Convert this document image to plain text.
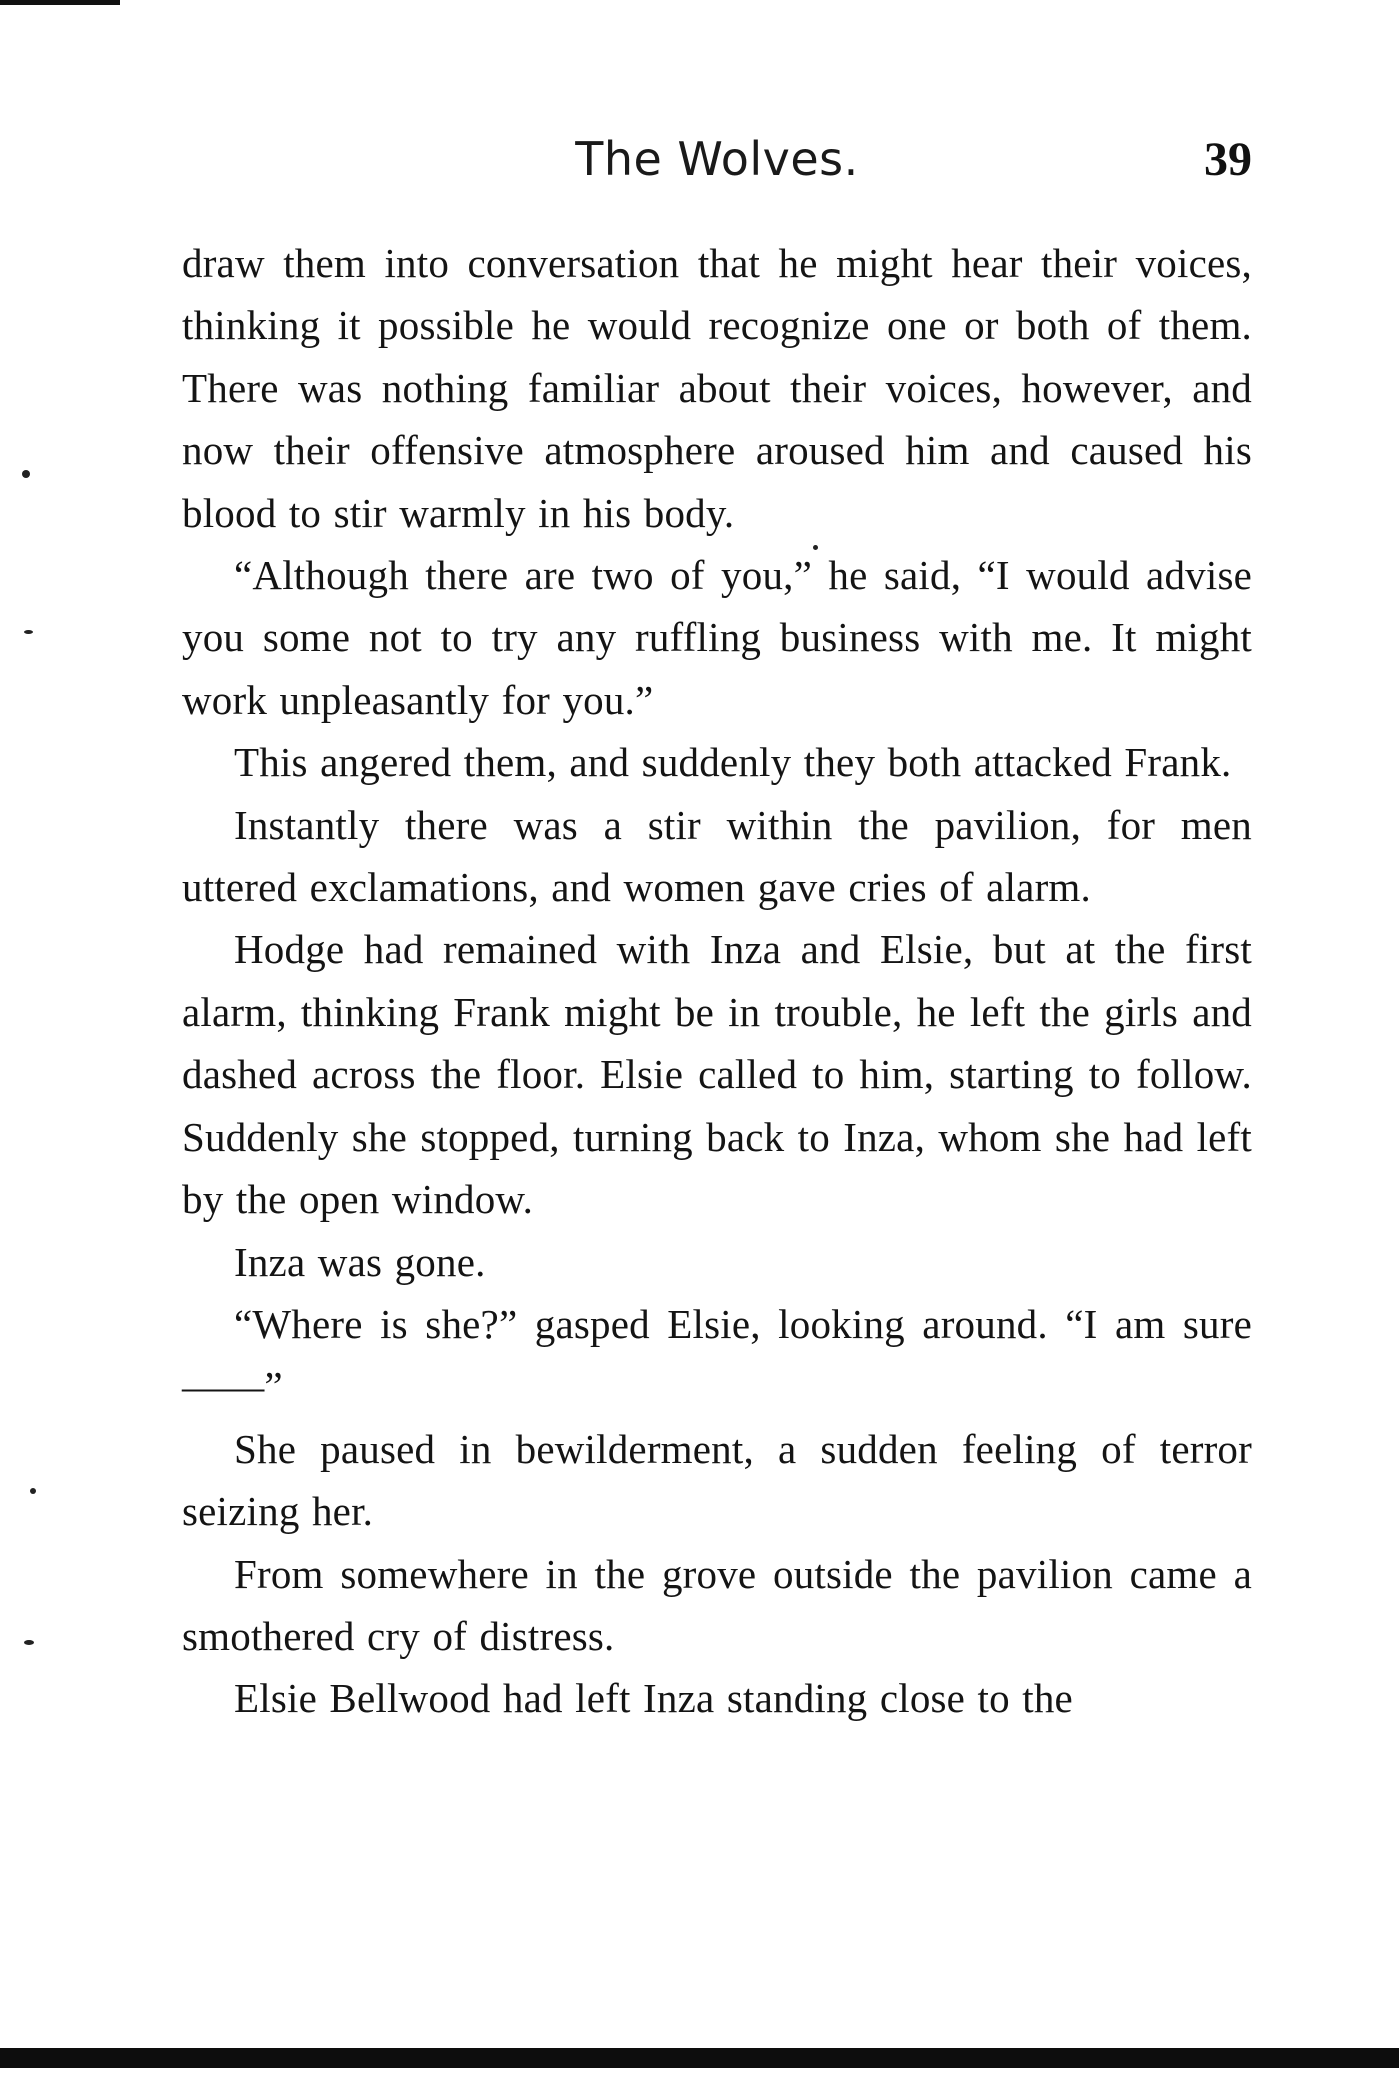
The Wolves.	39

draw them into conversation that he might hear their voices, thinking it possible he would recognize one or both of them. There was nothing familiar about their voices, however, and now their offensive atmosphere aroused him and caused his blood to stir warmly in his body.

“Although there are two of you,” he said, “I would advise you some not to try any ruffling business with me. It might work unpleasantly for you.”

This angered them, and suddenly they both attacked Frank.

Instantly there was a stir within the pavilion, for men uttered exclamations, and women gave cries of alarm.

Hodge had remained with Inza and Elsie, but at the first alarm, thinking Frank might be in trouble, he left the girls and dashed across the floor. Elsie called to him, starting to follow. Suddenly she stopped, turning back to Inza, whom she had left by the open window.

Inza was gone.

“Where is she?” gasped Elsie, looking around. “I am sure——”

She paused in bewilderment, a sudden feeling of terror seizing her.

From somewhere in the grove outside the pavilion came a smothered cry of distress.

Elsie Bellwood had left Inza standing close to the
